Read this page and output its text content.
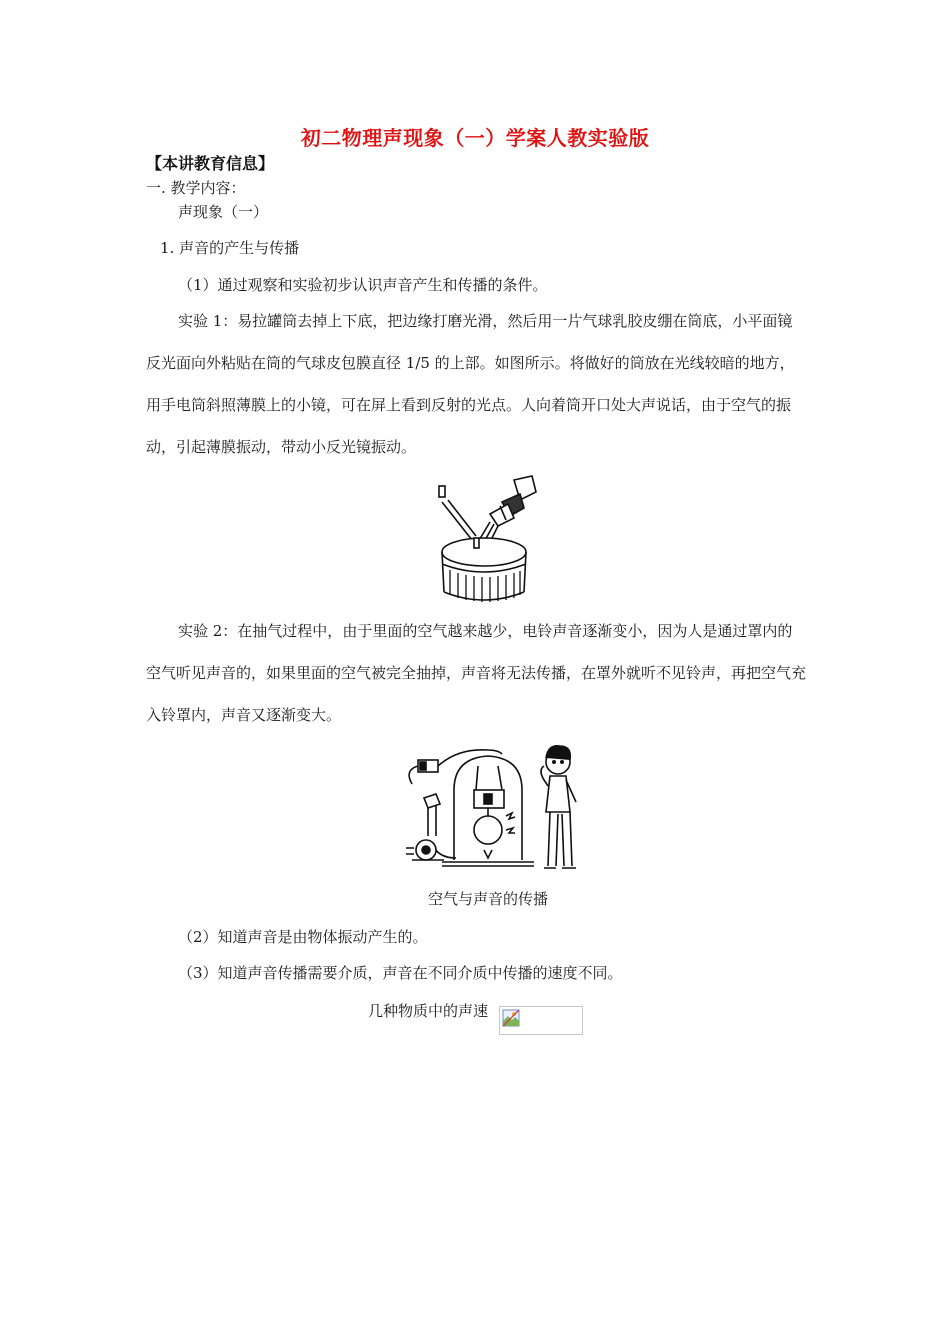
初二物理声现象（一）学案人教实验版
【本讲教育信息】
一. 教学内容：
声现象（一）
1. 声音的产生与传播
（1）通过观察和实验初步认识声音产生和传播的条件。
实验 1：易拉罐筒去掉上下底，把边缘打磨光滑，然后用一片气球乳胶皮绷在筒底，小平面镜反光面向外粘贴在筒的气球皮包膜直径 1/5 的上部。如图所示。将做好的筒放在光线较暗的地方，用手电筒斜照薄膜上的小镜，可在屏上看到反射的光点。人向着筒开口处大声说话，由于空气的振动，引起薄膜振动，带动小反光镜振动。
实验 2：在抽气过程中，由于里面的空气越来越少，电铃声音逐渐变小，因为人是通过罩内的空气听见声音的，如果里面的空气被完全抽掉，声音将无法传播，在罩外就听不见铃声，再把空气充入铃罩内，声音又逐渐变大。
空气与声音的传播
（2）知道声音是由物体振动产生的。
（3）知道声音传播需要介质，声音在不同介质中传播的速度不同。
几种物质中的声速
